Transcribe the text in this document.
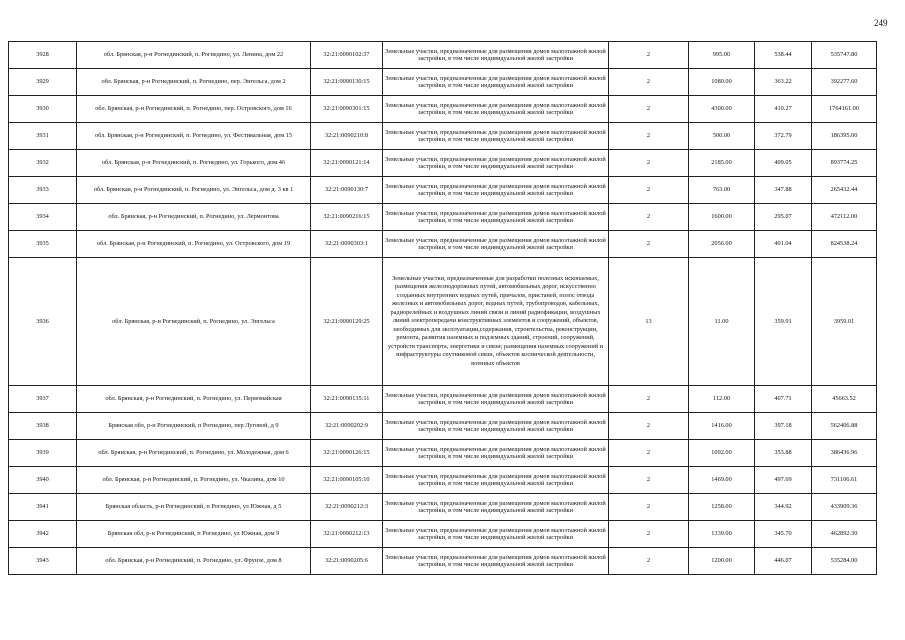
249
3928	обл. Брянская, р-н Рогнединский, п. Рогнедино, ул. Ленина, дом 22	32:21:0090102:37	Земельные участки, предназначенные для размещения домов малоэтажной жилой застройки, в том числе индивидуальной жилой застройки	2	995.00	538.44	535747.80
3929	обл. Брянская, р-н Рогнединский, п. Рогнедино, пер. Энгельса, дом 2	32:21:0090130:15	Земельные участки, предназначенные для размещения домов малоэтажной жилой застройки, в том числе индивидуальной жилой застройки	2	1080.00	363.22	392277.60
3930	обл. Брянская, р-н Рогнединский, п. Рогнедино, пер. Островского, дом 16	32:21:0090301:15	Земельные участки, предназначенные для размещения домов малоэтажной жилой застройки, в том числе индивидуальной жилой застройки	2	4300.00	410.27	1764161.00
3931	обл. Брянская, р-н Рогнединский, п. Рогнедино, ул. Фестивальная, дом 15	32:21:0090210:8	Земельные участки, предназначенные для размещения домов малоэтажной жилой застройки, в том числе индивидуальной жилой застройки	2	500.00	372.79	186395.00
3932	обл. Брянская, р-н Рогнединский, п. Рогнедино, ул. Горького, дом 46	32:21:0090121:14	Земельные участки, предназначенные для размещения домов малоэтажной жилой застройки, в том числе индивидуальной жилой застройки	2	2185.00	409.05	893774.25
3933	обл. Брянская, р-н Рогнединский, п. Рогнедино, ул. Энгельса, дом д. 3 кв 1	32:21:0090130:7	Земельные участки, предназначенные для размещения домов малоэтажной жилой застройки, в том числе индивидуальной жилой застройки	2	763.00	347.88	265432.44
3934	обл. Брянская, р-н Рогнединский, п. Рогнедино, ул. Лермонтова	32:21:0090216:15	Земельные участки, предназначенные для размещения домов малоэтажной жилой застройки, в том числе индивидуальной жилой застройки	2	1600.00	295.07	472112.00
3935	обл. Брянская, р-н Рогнединский, п. Рогнедино, ул. Островского, дом 19	32:21:0090303:1	Земельные участки, предназначенные для размещения домов малоэтажной жилой застройки, в том числе индивидуальной жилой застройки	2	2056.00	401.04	824538.24
3936	обл. Брянская, р-н Рогнединский, п. Рогнедино, ул. Энгельса	32:21:0090129:25	Земельные участки, предназначенные для разработки полезных ископаемых, размещения железнодорожных путей, автомобильных дорог, искусственно созданных внутренних водных путей, причалов, пристаней, полос отвода железных и автомобильных дорог, водных путей, трубопроводов, кабельных, радиорелейных и воздушных линий связи и линий радиофикации, воздушных линий электропередачи конструктивных элементов и сооружений, объектов, необходимых для эксплуатации,содержания, строительства, реконструкции, ремонта, развития наземных и подземных зданий, строений, сооружений, устройств транспорта, энергетики и связи; размещения наземных сооружений и инфраструктуры спутниковой связи, объектов космической деятельности, военных объектов	13	11.00	359.91	3959.01
3937	обл. Брянская, р-н Рогнединский, п. Рогнедино, ул. Первомайская	32:21:0090135:11	Земельные участки, предназначенные для размещения домов малоэтажной жилой застройки, в том числе индивидуальной жилой застройки	2	112.00	407.71	45663.52
3938	Брянская обл, р-н Рогнединский, п Рогнедино, пер Луговой, д 9	32:21:0090202:9	Земельные участки, предназначенные для размещения домов малоэтажной жилой застройки, в том числе индивидуальной жилой застройки	2	1416.00	397.18	562406.88
3939	обл. Брянская, р-н Рогнединский, п. Рогнедино, ул. Молодежная, дом 6	32:21:0090126:15	Земельные участки, предназначенные для размещения домов малоэтажной жилой застройки, в том числе индивидуальной жилой застройки	2	1092.00	353.88	386436.96
3940	обл. Брянская, р-н Рогнединский, п. Рогнедино, ул. Чкалина, дом 10	32:21:0090105:10	Земельные участки, предназначенные для размещения домов малоэтажной жилой застройки, в том числе индивидуальной жилой застройки	2	1469.00	497.69	731106.61
3941	Брянская область, р-н Рогнединский, п Рогнедино, ул Южная, д 5	32:21:0090212:3	Земельные участки, предназначенные для размещения домов малоэтажной жилой застройки, в том числе индивидуальной жилой застройки	2	1258.00	344.92	433909.36
3942	Брянская обл, р-н Рогнединский, п Рогнедино, ул Южная, дом 9	32:21:0090212:13	Земельные участки, предназначенные для размещения домов малоэтажной жилой застройки, в том числе индивидуальной жилой застройки	2	1339.00	345.70	462892.30
3943	обл. Брянская, р-н Рогнединский, п. Рогнедино, ул. Фрунзе, дом 8	32:21:0090205:6	Земельные участки, предназначенные для размещения домов малоэтажной жилой застройки, в том числе индивидуальной жилой застройки	2	1200.00	446.07	535284.00
